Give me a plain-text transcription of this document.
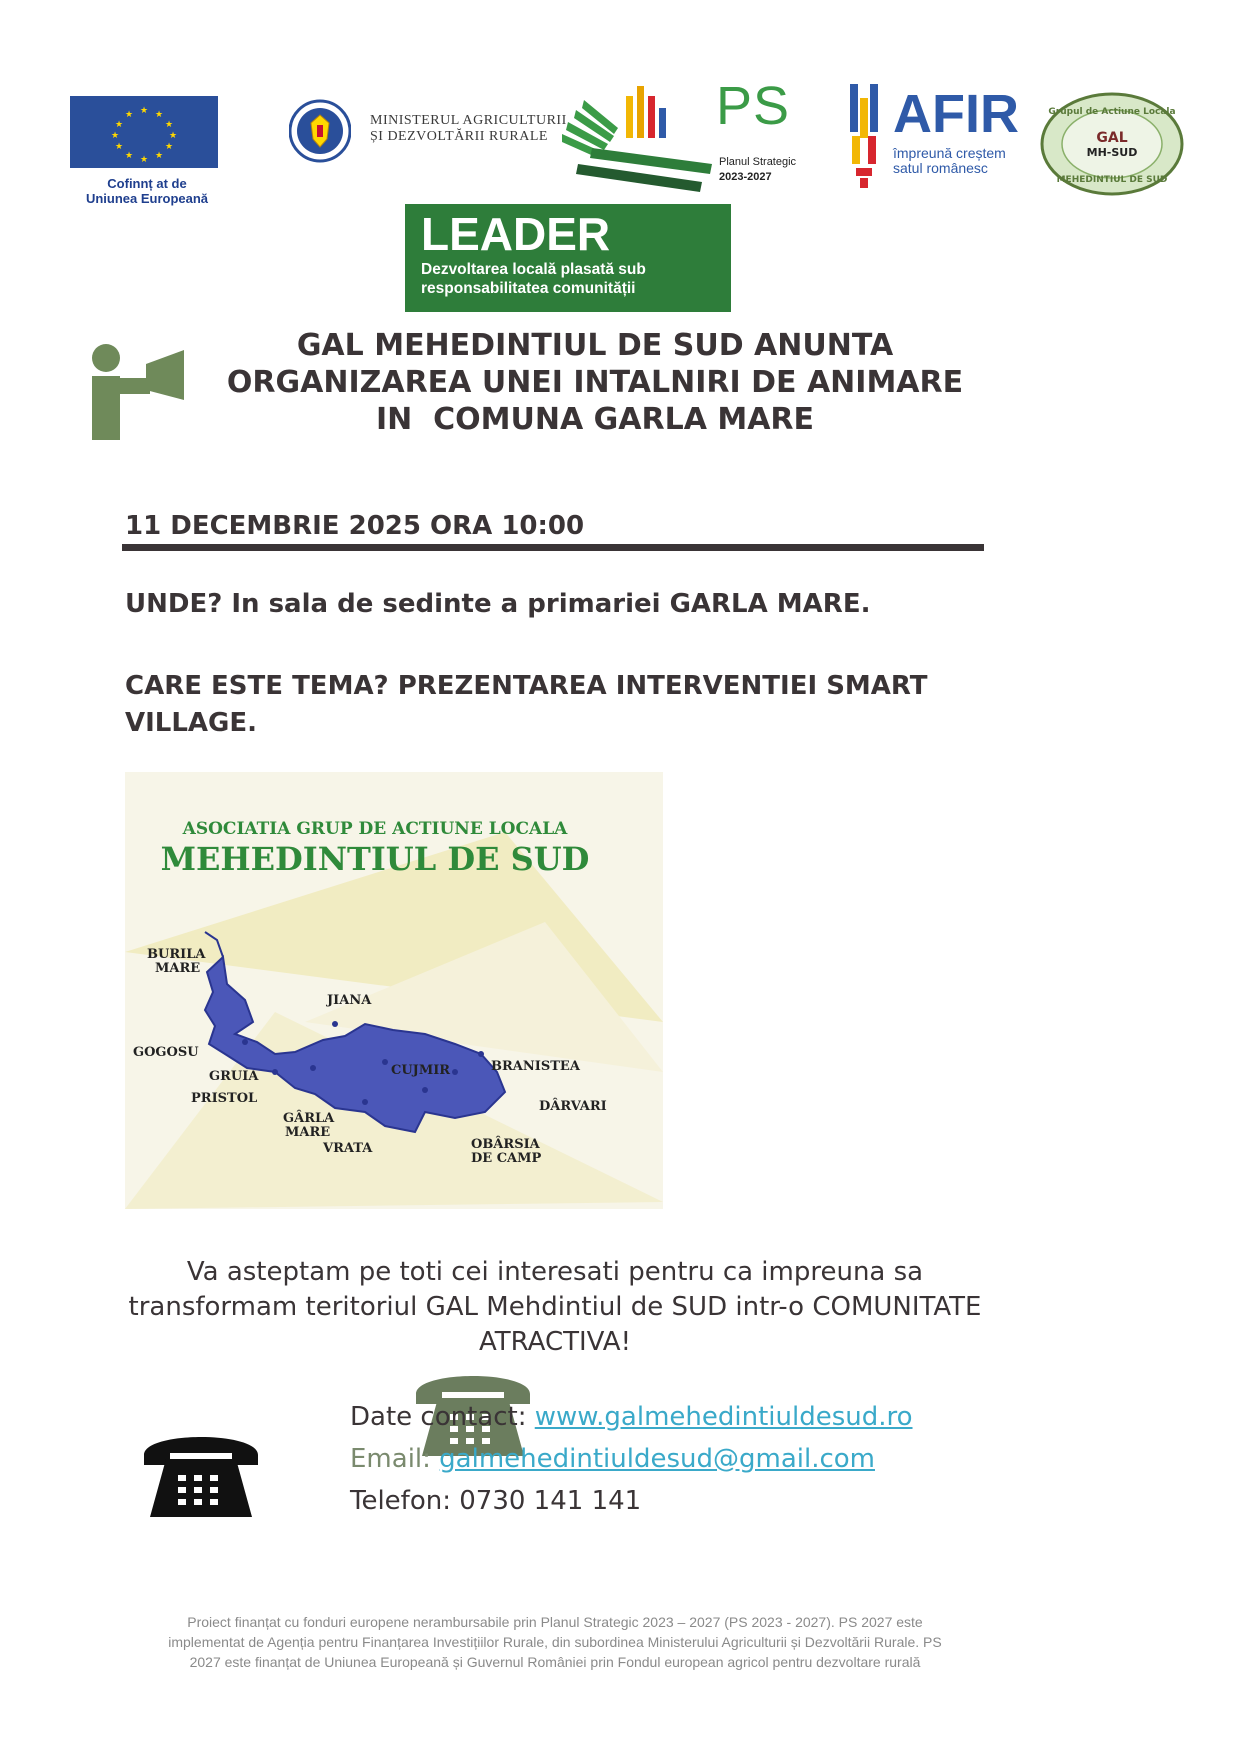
★ ★
★
★
★
★
★
★
★
★
★
★
Cofinnț at de
Uniunea Europeană
MINISTERUL AGRICULTURII
ȘI DEZVOLTĂRII RURALE
PS
Planul Strategic
2023-2027
AFIR
împreună creștem
satul românesc
Grupul de Actiune Locala
GAL
MH-SUD
MEHEDINTIUL DE SUD
LEADER
Dezvoltarea locală plasată sub
responsabilitatea comunității
GAL MEHEDINTIUL DE SUD ANUNTA
ORGANIZAREA UNEI INTALNIRI DE ANIMARE
IN  COMUNA GARLA MARE
11 DECEMBRIE 2025 ORA 10:00
UNDE? In sala de sedinte a primariei GARLA MARE.
CARE ESTE TEMA? PREZENTAREA INTERVENTIEI SMART
VILLAGE.
ASOCIATIA GRUP DE ACTIUNE LOCALA
MEHEDINTIUL DE SUD
BURILA
MARE
JIANA
GOGOSU
CUJMIR	BRANISTEA
GRUIA
PRISTOL
DÂRVARI
GÂRLA
MARE
VRATA	OBÂRSIA
DE CAMP
Va asteptam pe toti cei interesati pentru ca impreuna sa
transformam teritoriul GAL Mehdintiul de SUD intr-o COMUNITATE
ATRACTIVA!
Date contact: www.galmehedintiuldesud.ro
Email: galmehedintiuldesud@gmail.com
Telefon: 0730 141 141
Proiect finanțat cu fonduri europene nerambursabile prin Planul Strategic 2023 – 2027 (PS 2023 - 2027). PS 2027 este
implementat de Agenția pentru Finanțarea Investițiilor Rurale, din subordinea Ministerului Agriculturii și Dezvoltării Rurale. PS
2027 este finanțat de Uniunea Europeană și Guvernul României prin Fondul european agricol pentru dezvoltare rurală
